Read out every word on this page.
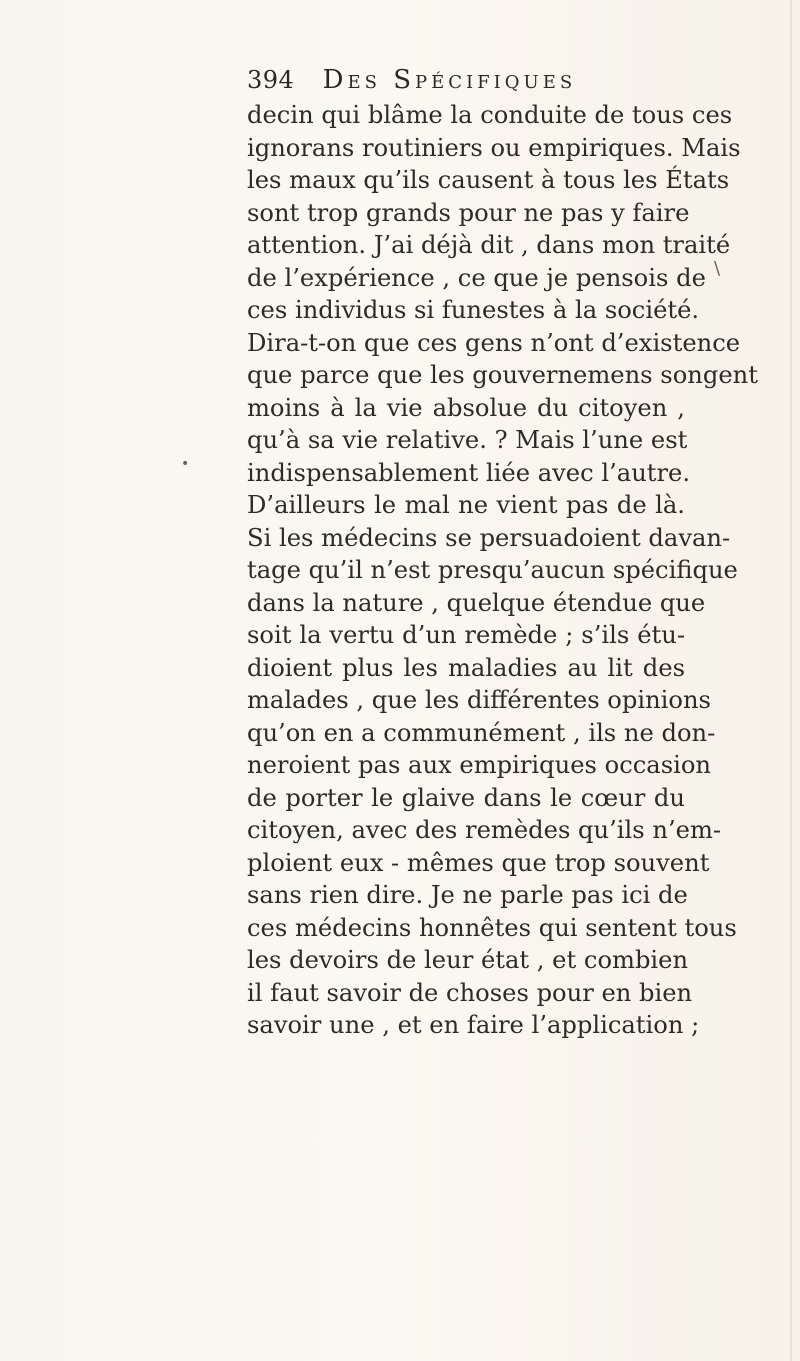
394 Des Spécifiques
decin qui blâme la conduite de tous ces
ignorans routiniers ou empiriques. Mais
les maux qu’ils causent à tous les États
sont trop grands pour ne pas y faire
attention. J’ai déjà dit , dans mon traité
de l’expérience , ce que je pensois de
ces individus si funestes à la société.
Dira-t-on que ces gens n’ont d’existence
que parce que les gouvernemens songent
moins à la vie absolue du citoyen ,
qu’à sa vie relative. ? Mais l’une est
indispensablement liée avec l’autre.
D’ailleurs le mal ne vient pas de là.
Si les médecins se persuadoient davan-
tage qu’il n’est presqu’aucun spécifique
dans la nature , quelque étendue que
soit la vertu d’un remède ; s’ils étu-
dioient plus les maladies au lit des
malades , que les différentes opinions
qu’on en a communément , ils ne don-
neroient pas aux empiriques occasion
de porter le glaive dans le cœur du
citoyen, avec des remèdes qu’ils n’em-
ploient eux - mêmes que trop souvent
sans rien dire. Je ne parle pas ici de
ces médecins honnêtes qui sentent tous
les devoirs de leur état , et combien
il faut savoir de choses pour en bien
savoir une , et en faire l’application ;
\
•
